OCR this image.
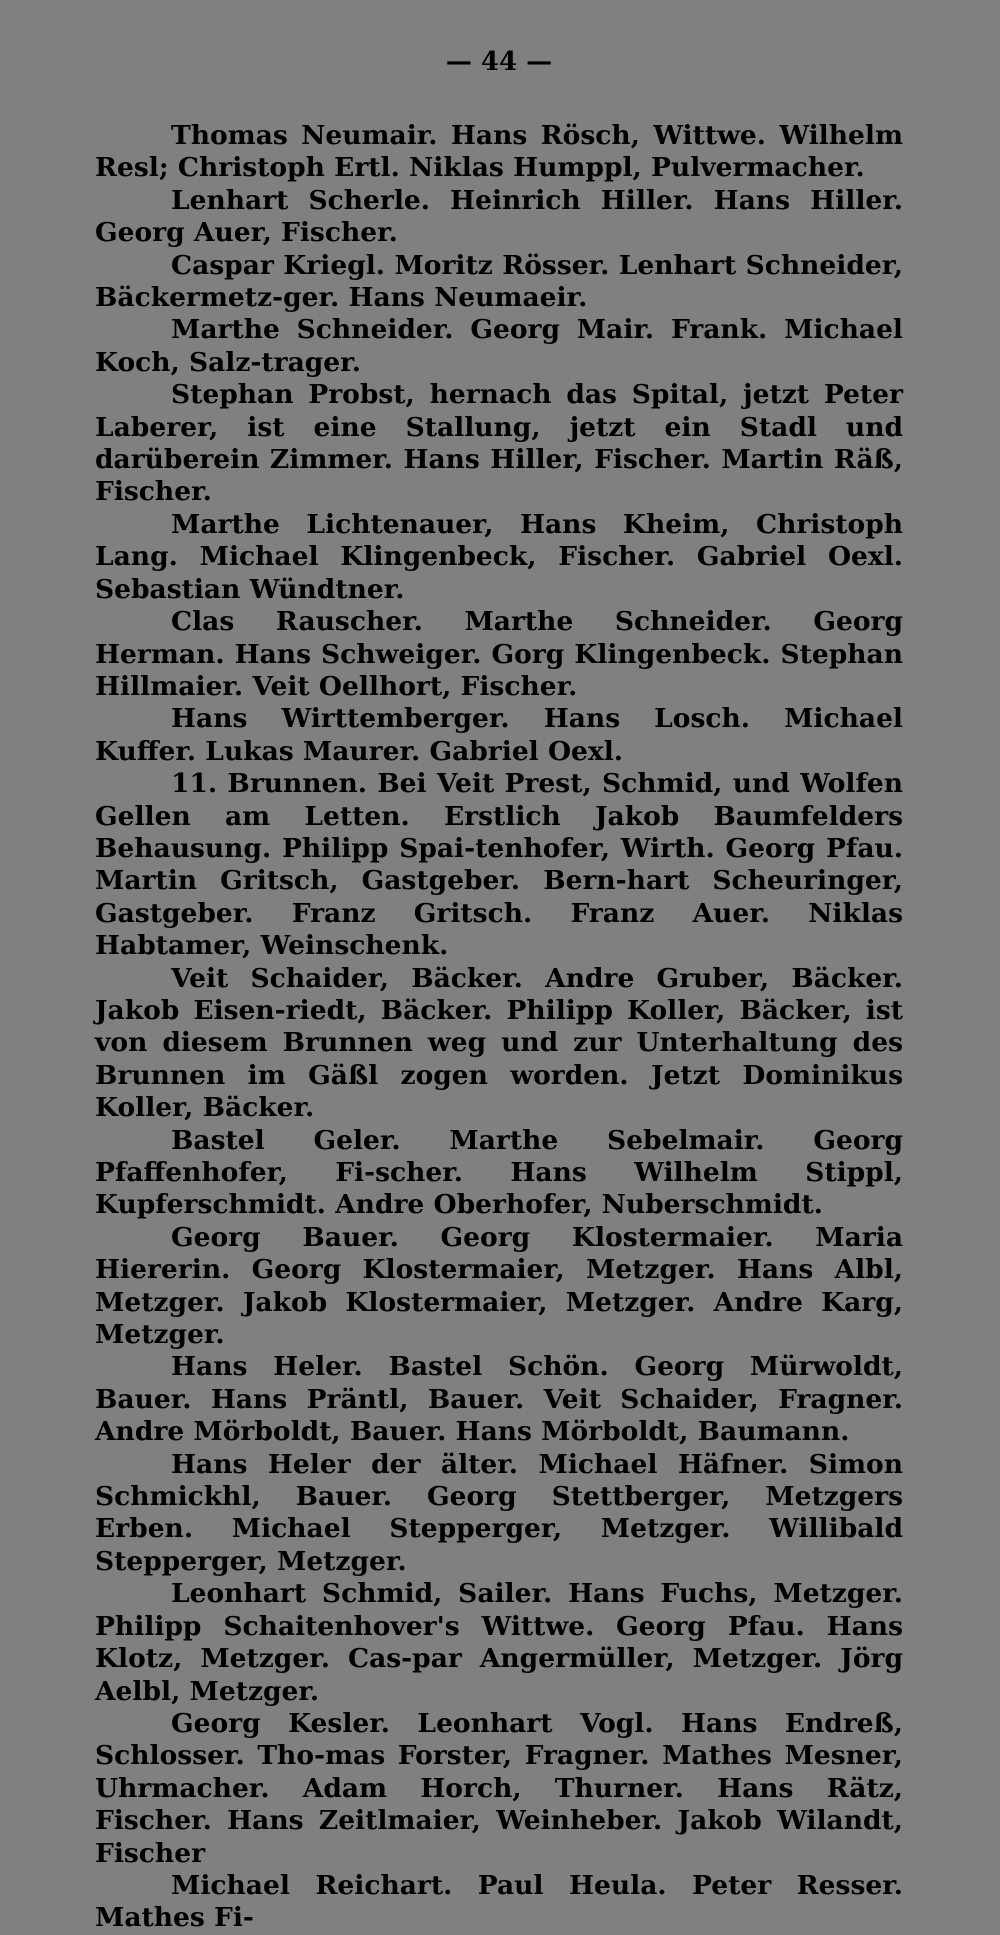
— 44 —

Thomas Neumair. Hans Rösch, Wittwe. Wilhelm Resl; Christoph Ertl. Niklas Humppl, Pulvermacher.

Lenhart Scherle. Heinrich Hiller. Hans Hiller. Georg Auer, Fischer.

Caspar Kriegl. Moritz Rösser. Lenhart Schneider, Bäckermetz-ger. Hans Neumaeir.

Marthe Schneider. Georg Mair. Frank. Michael Koch, Salz-trager.

Stephan Probst, hernach das Spital, jetzt Peter Laberer, ist eine Stallung, jetzt ein Stadl und darüberein Zimmer. Hans Hiller, Fischer. Martin Räß, Fischer.

Marthe Lichtenauer, Hans Kheim, Christoph Lang. Michael Klingenbeck, Fischer. Gabriel Oexl. Sebastian Wündtner.

Clas Rauscher. Marthe Schneider. Georg Herman. Hans Schweiger. Gorg Klingenbeck. Stephan Hillmaier. Veit Oellhort, Fischer.

Hans Wirttemberger. Hans Losch. Michael Kuffer. Lukas Maurer. Gabriel Oexl.

11. Brunnen. Bei Veit Prest, Schmid, und Wolfen Gellen am Letten. Erstlich Jakob Baumfelders Behausung. Philipp Spai-tenhofer, Wirth. Georg Pfau. Martin Gritsch, Gastgeber. Bern-hart Scheuringer, Gastgeber. Franz Gritsch. Franz Auer. Niklas Habtamer, Weinschenk.

Veit Schaider, Bäcker. Andre Gruber, Bäcker. Jakob Eisen-riedt, Bäcker. Philipp Koller, Bäcker, ist von diesem Brunnen weg und zur Unterhaltung des Brunnen im Gäßl zogen worden. Jetzt Dominikus Koller, Bäcker.

Bastel Geler. Marthe Sebelmair. Georg Pfaffenhofer, Fi-scher. Hans Wilhelm Stippl, Kupferschmidt. Andre Oberhofer, Nuberschmidt.

Georg Bauer. Georg Klostermaier. Maria Hiererin. Georg Klostermaier, Metzger. Hans Albl, Metzger. Jakob Klostermaier, Metzger. Andre Karg, Metzger.

Hans Heler. Bastel Schön. Georg Mürwoldt, Bauer. Hans Präntl, Bauer. Veit Schaider, Fragner. Andre Mörboldt, Bauer. Hans Mörboldt, Baumann.

Hans Heler der älter. Michael Häfner. Simon Schmickhl, Bauer. Georg Stettberger, Metzgers Erben. Michael Stepperger, Metzger. Willibald Stepperger, Metzger.

Leonhart Schmid, Sailer. Hans Fuchs, Metzger. Philipp Schaitenhover's Wittwe. Georg Pfau. Hans Klotz, Metzger. Cas-par Angermüller, Metzger. Jörg Aelbl, Metzger.

Georg Kesler. Leonhart Vogl. Hans Endreß, Schlosser. Tho-mas Forster, Fragner. Mathes Mesner, Uhrmacher. Adam Horch, Thurner. Hans Rätz, Fischer. Hans Zeitlmaier, Weinheber. Jakob Wilandt, Fischer

Michael Reichart. Paul Heula. Peter Resser. Mathes Fi-
